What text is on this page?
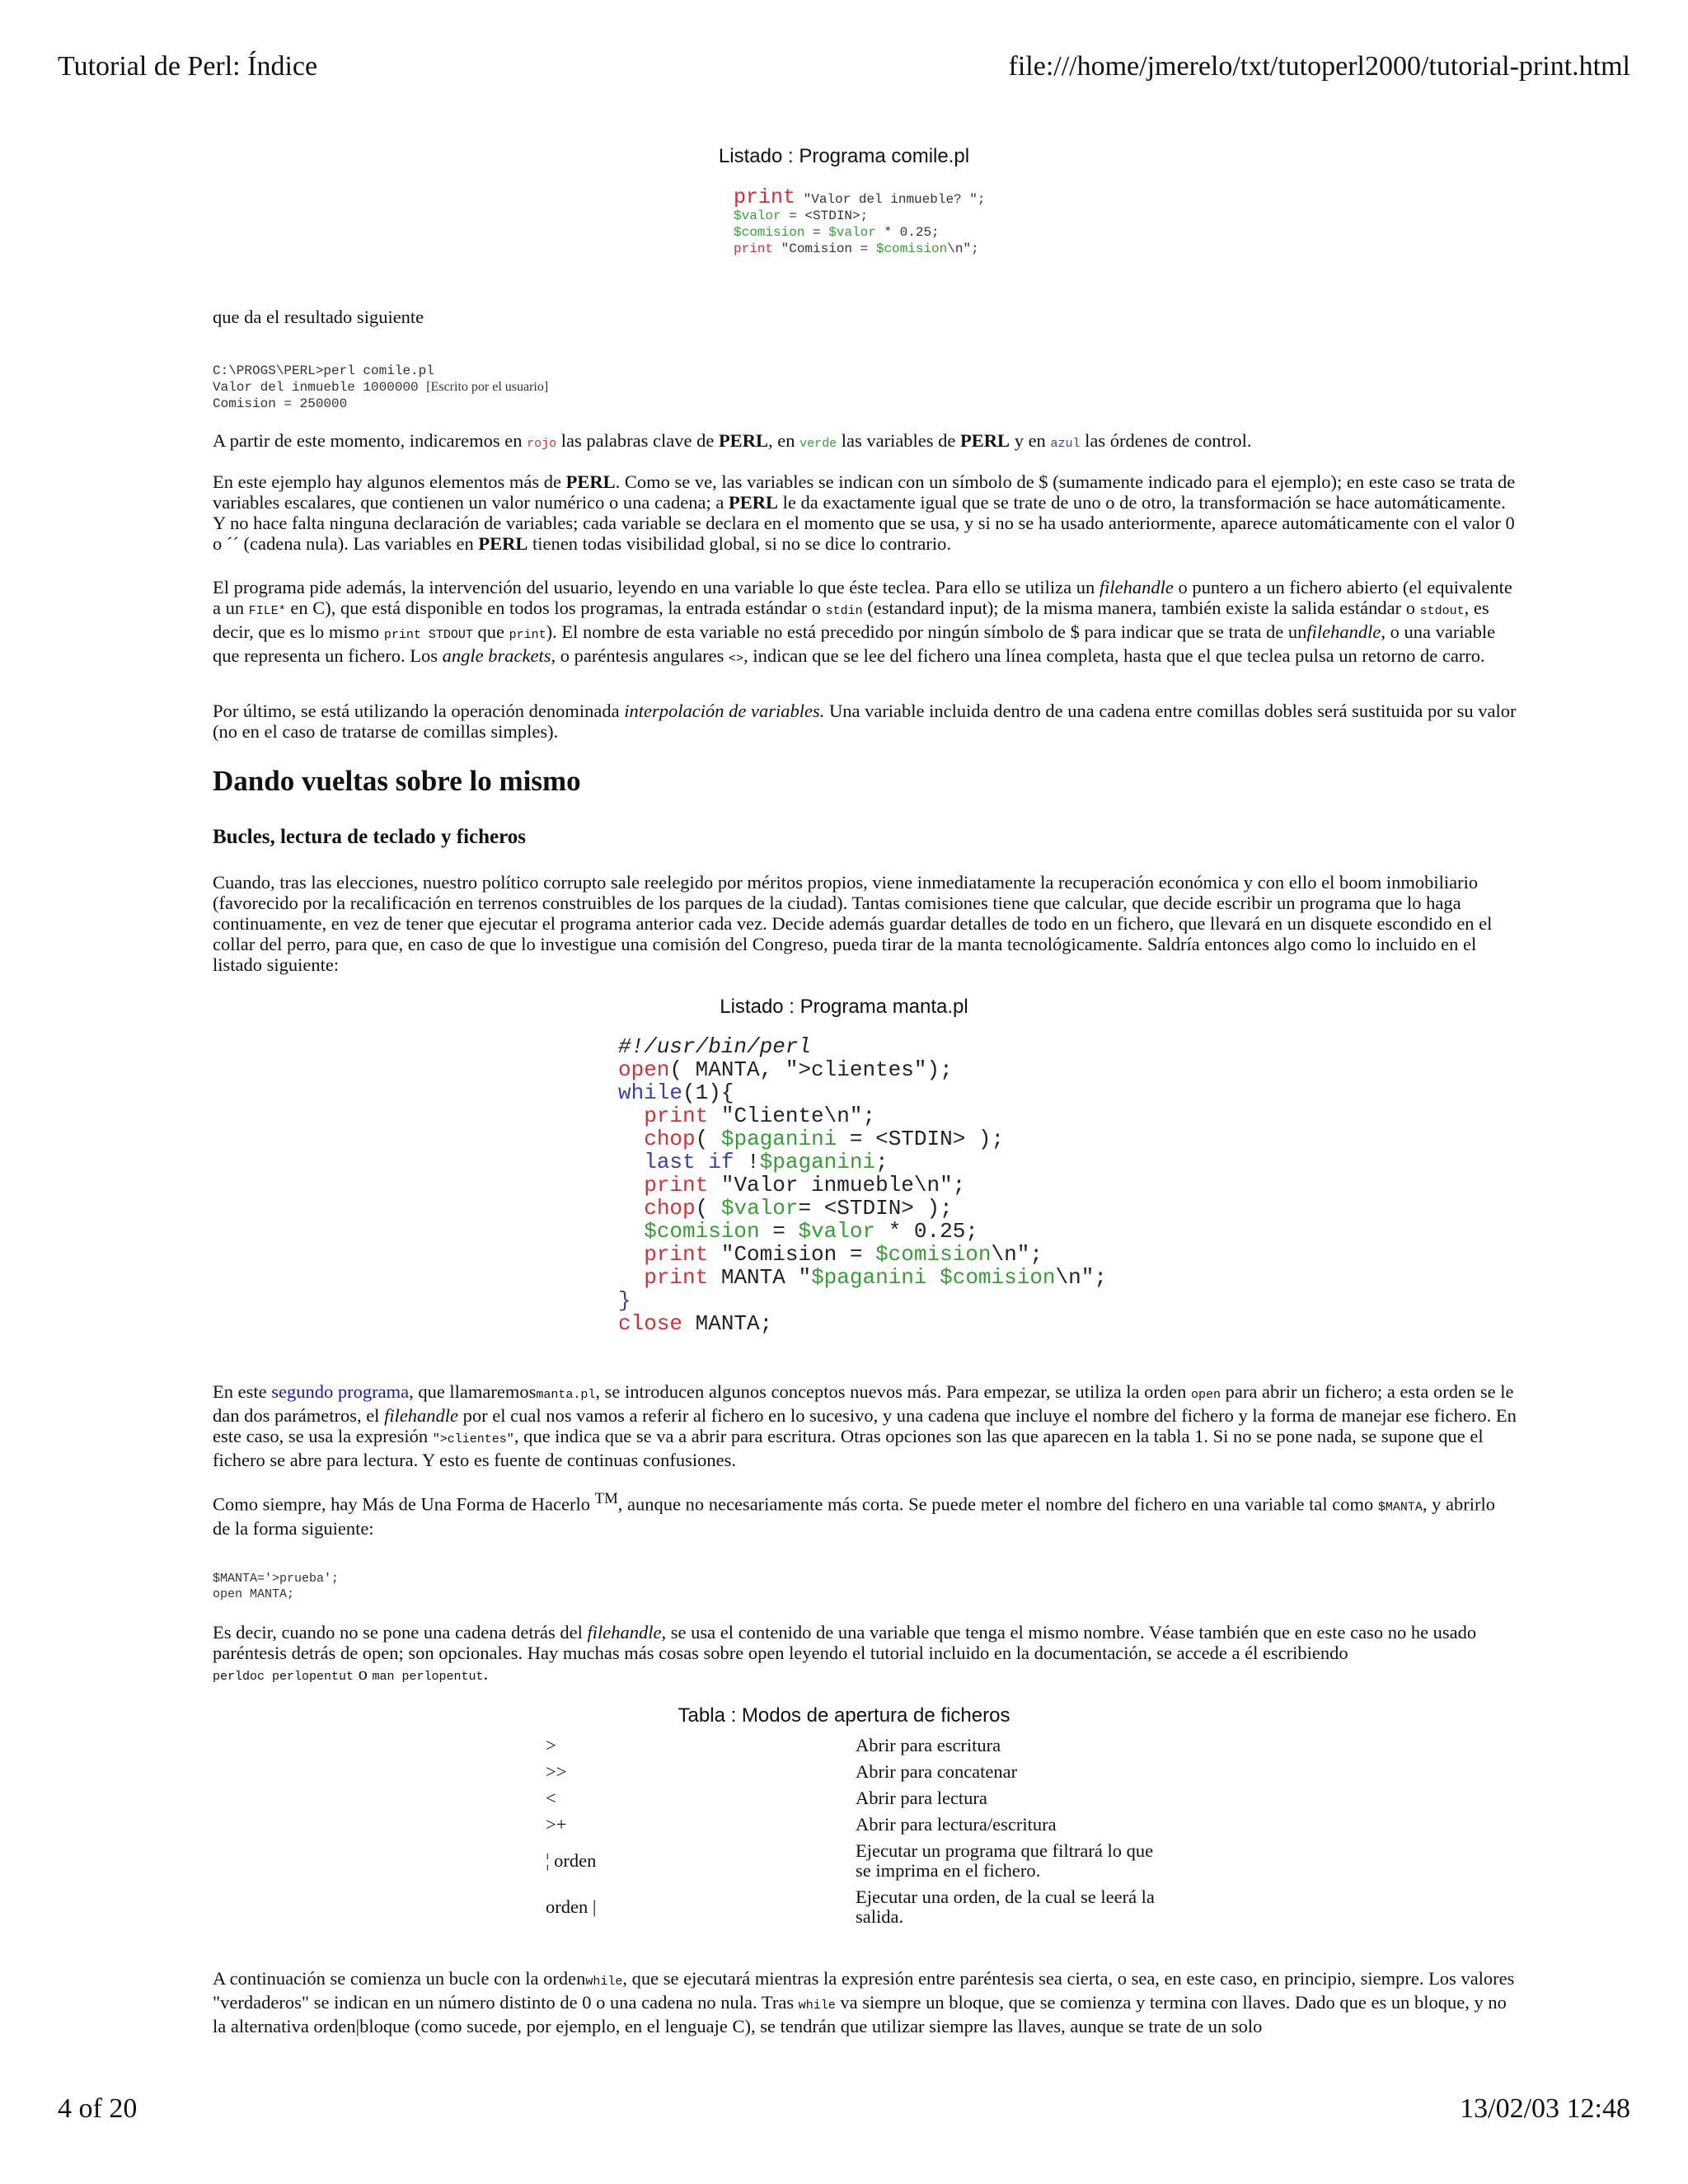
Tutorial de Perl: Índice	file:///home/jmerelo/txt/tutoperl2000/tutorial-print.html
Listado : Programa comile.pl
print "Valor del inmueble? ";
$valor = <STDIN>;
$comision = $valor * 0.25;
print "Comision = $comision\n";
que da el resultado siguiente
C:\PROGS\PERL>perl comile.pl
Valor del inmueble 1000000 [Escrito por el usuario]
Comision = 250000
A partir de este momento, indicaremos en rojo las palabras clave de PERL, en verde las variables de PERL y en azul las órdenes de control.
En este ejemplo hay algunos elementos más de PERL. Como se ve, las variables se indican con un símbolo de $ (sumamente indicado para el ejemplo); en este caso se trata de variables escalares, que contienen un valor numérico o una cadena; a PERL le da exactamente igual que se trate de uno o de otro, la transformación se hace automáticamente. Y no hace falta ninguna declaración de variables; cada variable se declara en el momento que se usa, y si no se ha usado anteriormente, aparece automáticamente con el valor 0 o ´´ (cadena nula). Las variables en PERL tienen todas visibilidad global, si no se dice lo contrario.
El programa pide además, la intervención del usuario, leyendo en una variable lo que éste teclea. Para ello se utiliza un filehandle o puntero a un fichero abierto (el equivalente a un FILE* en C), que está disponible en todos los programas, la entrada estándar o stdin (estandard input); de la misma manera, también existe la salida estándar o stdout, es decir, que es lo mismo print STDOUT que print). El nombre de esta variable no está precedido por ningún símbolo de $ para indicar que se trata de unfilehandle, o una variable que representa un fichero. Los angle brackets, o paréntesis angulares <>, indican que se lee del fichero una línea completa, hasta que el que teclea pulsa un retorno de carro.
Por último, se está utilizando la operación denominada interpolación de variables. Una variable incluida dentro de una cadena entre comillas dobles será sustituida por su valor (no en el caso de tratarse de comillas simples).
Dando vueltas sobre lo mismo
Bucles, lectura de teclado y ficheros
Cuando, tras las elecciones, nuestro político corrupto sale reelegido por méritos propios, viene inmediatamente la recuperación económica y con ello el boom inmobiliario (favorecido por la recalificación en terrenos construibles de los parques de la ciudad). Tantas comisiones tiene que calcular, que decide escribir un programa que lo haga continuamente, en vez de tener que ejecutar el programa anterior cada vez. Decide además guardar detalles de todo en un fichero, que llevará en un disquete escondido en el collar del perro, para que, en caso de que lo investigue una comisión del Congreso, pueda tirar de la manta tecnológicamente. Saldría entonces algo como lo incluido en el listado siguiente:
Listado : Programa manta.pl
#!/usr/bin/perl
open( MANTA, ">clientes");
while(1){
print "Cliente\n";
chop( $paganini = <STDIN> );
last if !$paganini;
print "Valor inmueble\n";
chop( $valor= <STDIN> );
$comision = $valor * 0.25;
print "Comision = $comision\n";
print MANTA "$paganini $comision\n";
}
close MANTA;
En este segundo programa, que llamaremosmanta.pl, se introducen algunos conceptos nuevos más. Para empezar, se utiliza la orden open para abrir un fichero; a esta orden se le dan dos parámetros, el filehandle por el cual nos vamos a referir al fichero en lo sucesivo, y una cadena que incluye el nombre del fichero y la forma de manejar ese fichero. En este caso, se usa la expresión ">clientes", que indica que se va a abrir para escritura. Otras opciones son las que aparecen en la tabla 1. Si no se pone nada, se supone que el fichero se abre para lectura. Y esto es fuente de continuas confusiones.
Como siempre, hay Más de Una Forma de Hacerlo ™, aunque no necesariamente más corta. Se puede meter el nombre del fichero en una variable tal como $MANTA, y abrirlo de la forma siguiente:
$MANTA='>prueba';
open MANTA;
Es decir, cuando no se pone una cadena detrás del filehandle, se usa el contenido de una variable que tenga el mismo nombre. Véase también que en este caso no he usado paréntesis detrás de open; son opcionales. Hay muchas más cosas sobre open leyendo el tutorial incluido en la documentación, se accede a él escribiendo
perldoc perlopentut o man perlopentut.
Tabla : Modos de apertura de ficheros
>	Abrir para escritura
>>	Abrir para concatenar
<	Abrir para lectura
>+	Abrir para lectura/escritura
¦ orden	Ejecutar un programa que filtrará lo que se imprima en el fichero.
orden |	Ejecutar una orden, de la cual se leerá la salida.
A continuación se comienza un bucle con la ordenwhile, que se ejecutará mientras la expresión entre paréntesis sea cierta, o sea, en este caso, en principio, siempre. Los valores "verdaderos" se indican en un número distinto de 0 o una cadena no nula. Tras while va siempre un bloque, que se comienza y termina con llaves. Dado que es un bloque, y no la alternativa orden|bloque (como sucede, por ejemplo, en el lenguaje C), se tendrán que utilizar siempre las llaves, aunque se trate de un solo
4 of 20	13/02/03 12:48
